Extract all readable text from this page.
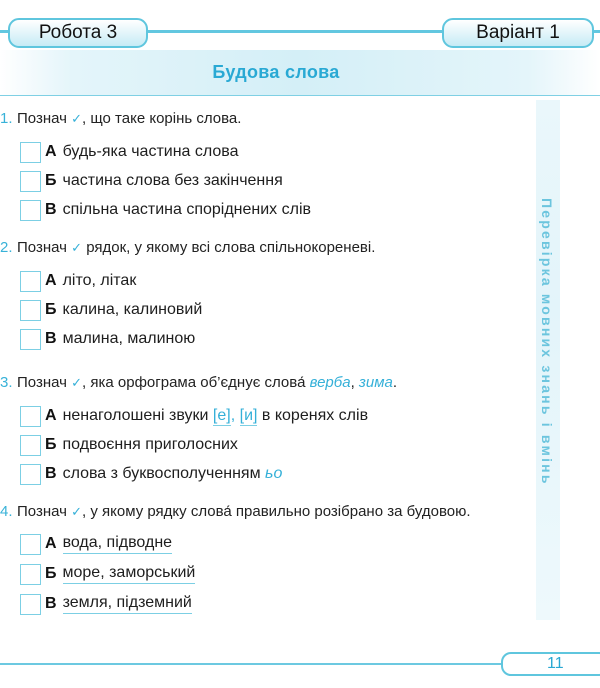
Робота 3	Варіант 1
Будова слова
Перевірка мовних знань і вмінь
1. Познач ✓, що таке корінь слова.
А будь-яка частина слова
Б частина слова без закінчення
В спільна частина споріднених слів
2. Познач ✓ рядок, у якому всі слова спільнокореневі.
А літо, літак
Б калина, калиновий
В малина, малиною
3. Познач ✓, яка орфограма об’єднує слова́ верба, зима.
А ненаголошені звуки
[е] ,
[и]
в коренях слів
Б подвоєння приголосних
В слова з буквосполученням
ьо
4. Познач ✓, у якому рядку слова́ правильно розібрано за будовою.
А вода, підводне
Б море, заморський
В земля, підземний
11
